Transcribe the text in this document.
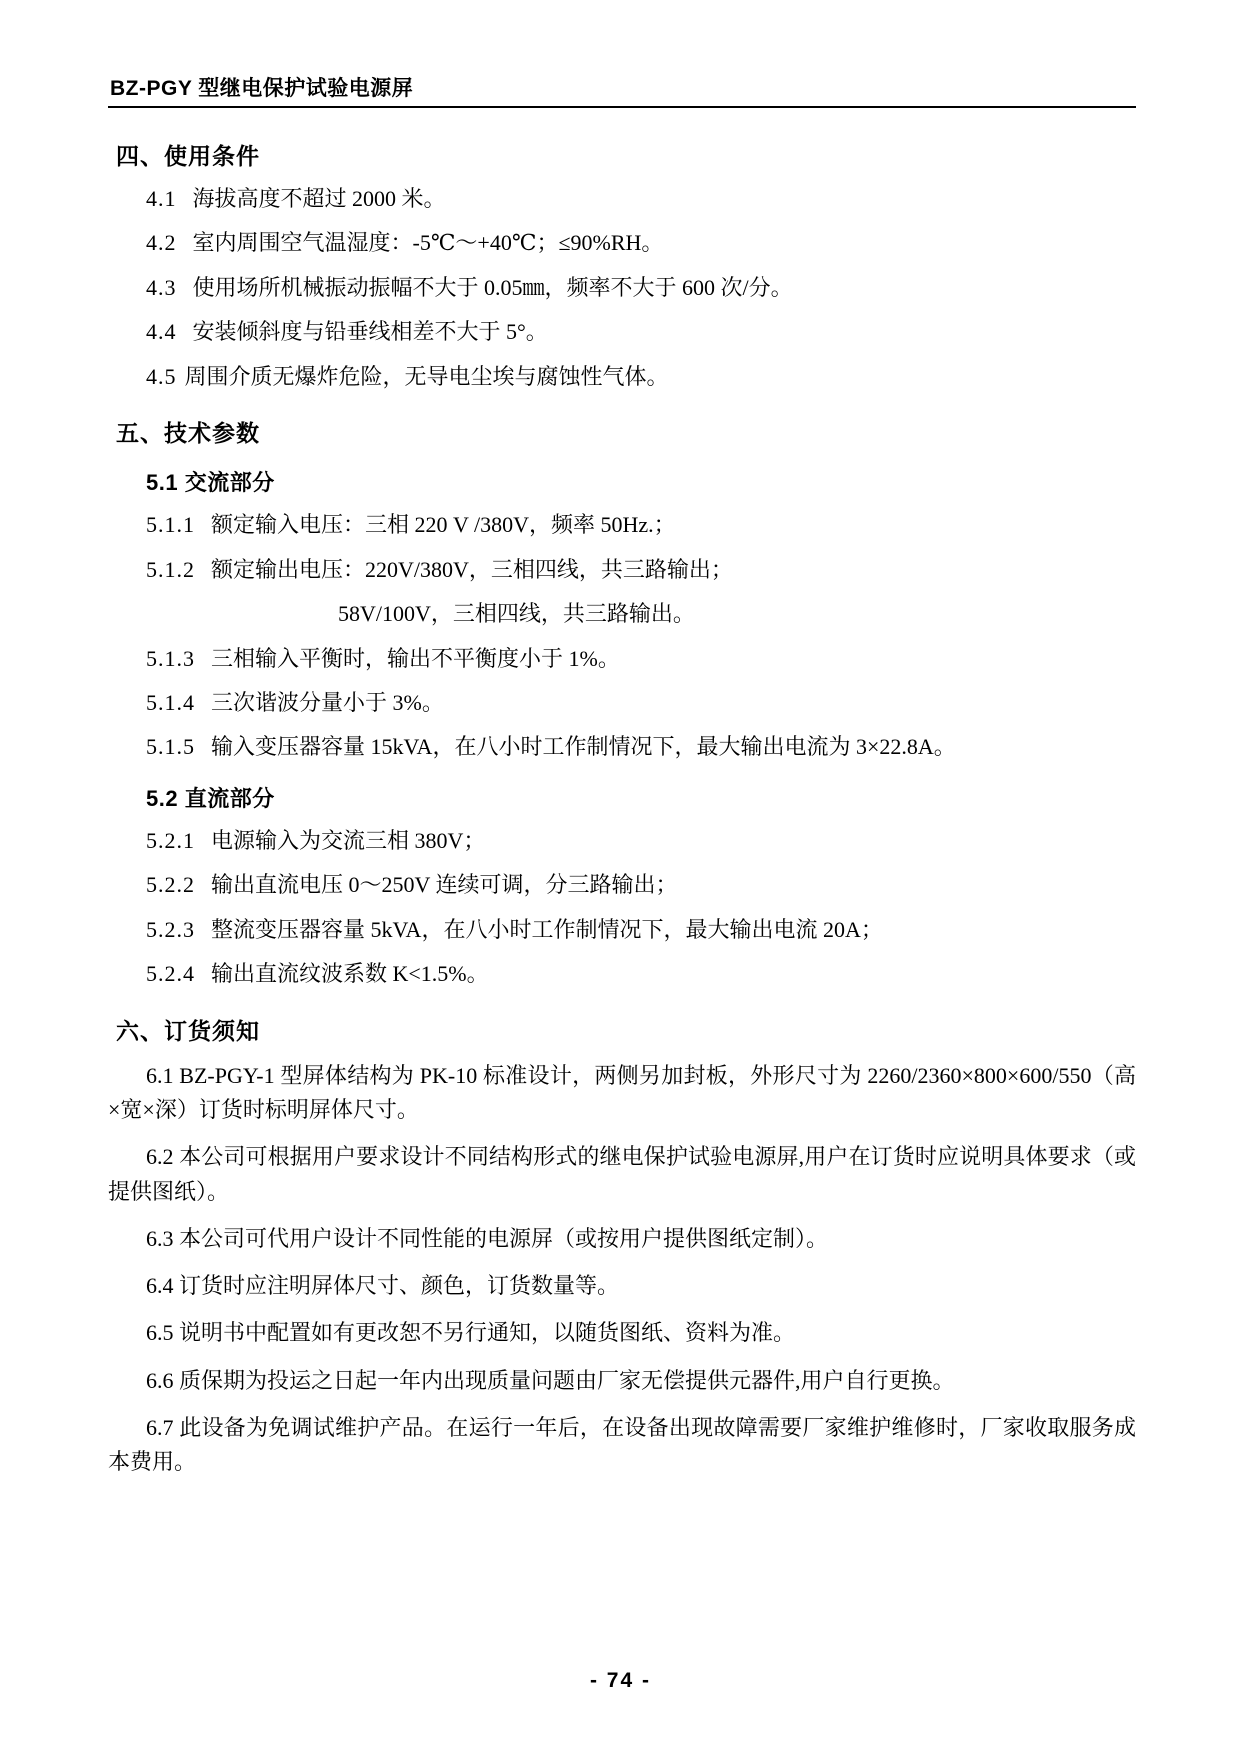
BZ-PGY 型继电保护试验电源屏
四、使用条件

4.1 海拔高度不超过 2000 米。

4.2 室内周围空气温湿度：-5℃～+40℃；≤90%RH。

4.3 使用场所机械振动振幅不大于 0.05㎜，频率不大于 600 次/分。

4.4 安装倾斜度与铅垂线相差不大于 5°。

4.5 周围介质无爆炸危险，无导电尘埃与腐蚀性气体。

五、技术参数
5.1 交流部分

5.1.1 额定输入电压：三相 220 V /380V，频率 50Hz.；

5.1.2 额定输出电压：220V/380V，三相四线，共三路输出；

58V/100V，三相四线，共三路输出。

5.1.3 三相输入平衡时，输出不平衡度小于 1%。

5.1.4 三次谐波分量小于 3%。

5.1.5 输入变压器容量 15kVA，在八小时工作制情况下，最大输出电流为 3×22.8A。

5.2 直流部分

5.2.1 电源输入为交流三相 380V；

5.2.2 输出直流电压 0～250V 连续可调，分三路输出；

5.2.3 整流变压器容量 5kVA，在八小时工作制情况下，最大输出电流 20A；

5.2.4 输出直流纹波系数 K<1.5%。

六、订货须知

6.1 BZ-PGY-1 型屏体结构为 PK-10 标准设计，两侧另加封板，外形尺寸为 2260/2360×800×600/550（高×宽×深）订货时标明屏体尺寸。

6.2 本公司可根据用户要求设计不同结构形式的继电保护试验电源屏,用户在订货时应说明具体要求（或提供图纸）。

6.3 本公司可代用户设计不同性能的电源屏（或按用户提供图纸定制）。

6.4 订货时应注明屏体尺寸、颜色，订货数量等。

6.5 说明书中配置如有更改恕不另行通知，以随货图纸、资料为准。

6.6 质保期为投运之日起一年内出现质量问题由厂家无偿提供元器件,用户自行更换。

6.7 此设备为免调试维护产品。在运行一年后，在设备出现故障需要厂家维护维修时，厂家收取服务成本费用。

- 74 -
